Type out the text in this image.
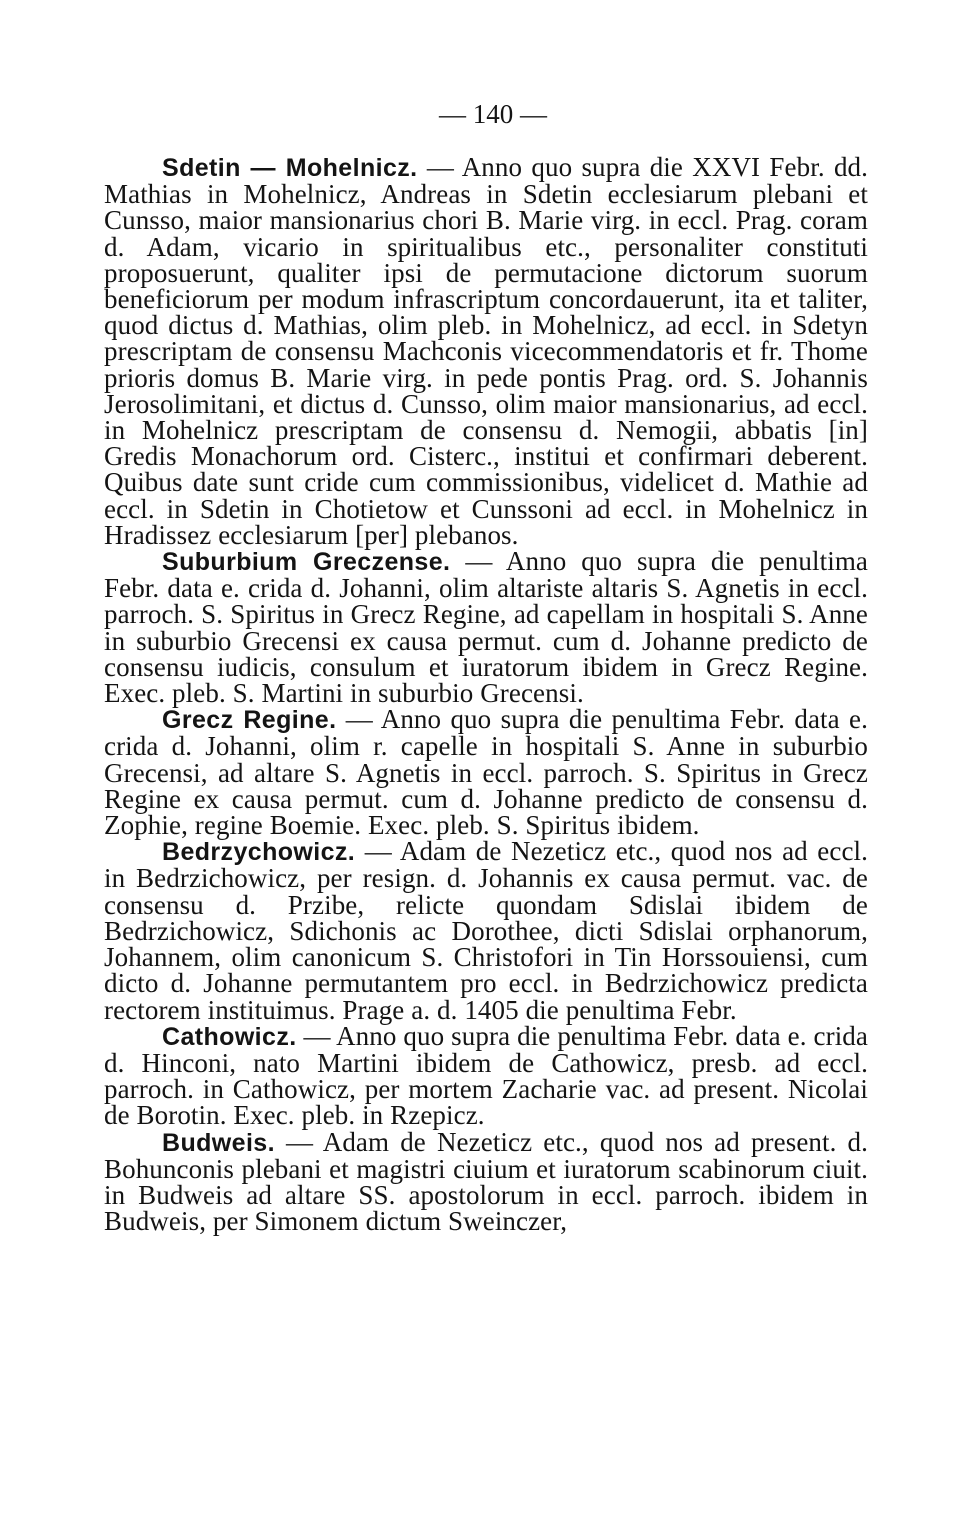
— 140 —

Sdetin — Mohelnicz. — Anno quo supra die XXVI Febr. dd. Mathias in Mohelnicz, Andreas in Sdetin ecclesiarum plebani et Cunsso, maior mansionarius chori B. Marie virg. in eccl. Prag. coram d. Adam, vicario in spiritualibus etc., personaliter constituti proposuerunt, qualiter ipsi de permutacione dictorum suorum beneficiorum per modum infrascriptum concordauerunt, ita et taliter, quod dictus d. Mathias, olim pleb. in Mohelnicz, ad eccl. in Sdetyn prescriptam de consensu Machconis vicecommendatoris et fr. Thome prioris domus B. Marie virg. in pede pontis Prag. ord. S. Johannis Jerosolimitani, et dictus d. Cunsso, olim maior mansionarius, ad eccl. in Mohelnicz prescriptam de consensu d. Nemogii, abbatis [in] Gredis Monachorum ord. Cisterc., institui et confirmari deberent. Quibus date sunt cride cum commissionibus, videlicet d. Mathie ad eccl. in Sdetin in Chotietow et Cunssoni ad eccl. in Mohelnicz in Hradissez ecclesiarum [per] plebanos.

Suburbium Greczense. — Anno quo supra die penultima Febr. data e. crida d. Johanni, olim altariste altaris S. Agnetis in eccl. parroch. S. Spiritus in Grecz Regine, ad capellam in hospitali S. Anne in suburbio Grecensi ex causa permut. cum d. Johanne predicto de consensu iudicis, consulum et iuratorum ibidem in Grecz Regine. Exec. pleb. S. Martini in suburbio Grecensi.

Grecz Regine. — Anno quo supra die penultima Febr. data e. crida d. Johanni, olim r. capelle in hospitali S. Anne in suburbio Grecensi, ad altare S. Agnetis in eccl. parroch. S. Spiritus in Grecz Regine ex causa permut. cum d. Johanne predicto de consensu d. Zophie, regine Boemie. Exec. pleb. S. Spiritus ibidem.

Bedrzychowicz. — Adam de Nezeticz etc., quod nos ad eccl. in Bedrzichowicz, per resign. d. Johannis ex causa permut. vac. de consensu d. Przibe, relicte quondam Sdislai ibidem de Bedrzichowicz, Sdichonis ac Dorothee, dicti Sdislai orphanorum, Johannem, olim canonicum S. Christofori in Tin Horssouiensi, cum dicto d. Johanne permutantem pro eccl. in Bedrzichowicz predicta rectorem instituimus. Prage a. d. 1405 die penultima Febr.

Cathowicz. — Anno quo supra die penultima Febr. data e. crida d. Hinconi, nato Martini ibidem de Cathowicz, presb. ad eccl. parroch. in Cathowicz, per mortem Zacharie vac. ad present. Nicolai de Borotin. Exec. pleb. in Rzepicz.

Budweis. — Adam de Nezeticz etc., quod nos ad present. d. Bohunconis plebani et magistri ciuium et iuratorum scabinorum ciuit. in Budweis ad altare SS. apostolorum in eccl. parroch. ibidem in Budweis, per Simonem dictum Sweinczer,
